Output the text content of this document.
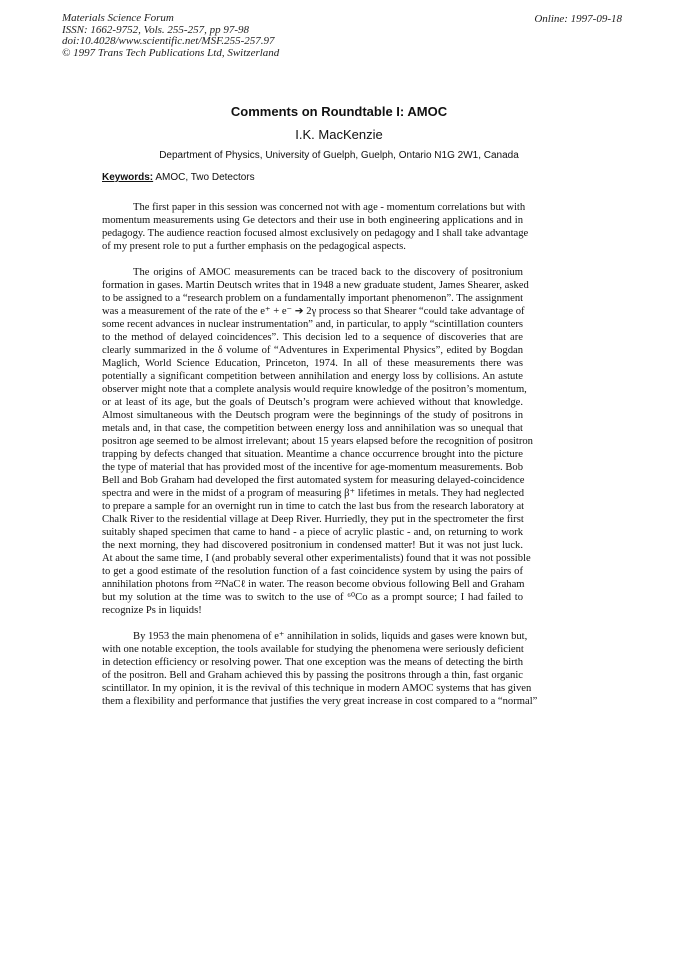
Materials Science Forum
ISSN: 1662-9752, Vols. 255-257, pp 97-98
doi:10.4028/www.scientific.net/MSF.255-257.97
© 1997 Trans Tech Publications Ltd, Switzerland
Online: 1997-09-18
Comments on Roundtable I: AMOC
I.K. MacKenzie
Department of Physics, University of Guelph, Guelph, Ontario N1G 2W1, Canada
Keywords: AMOC, Two Detectors
The first paper in this session was concerned not with age - momentum correlations but with
momentum measurements using Ge detectors and their use in both engineering applications and in
pedagogy. The audience reaction focused almost exclusively on pedagogy and I shall take advantage
of my present role to put a further emphasis on the pedagogical aspects.
The origins of AMOC measurements can be traced back to the discovery of positronium
formation in gases. Martin Deutsch writes that in 1948 a new graduate student, James Shearer, asked
to be assigned to a “research problem on a fundamentally important phenomenon”. The assignment
was a measurement of the rate of the e⁺ + e⁻ ➔ 2γ process so that Shearer “could take advantage of
some recent advances in nuclear instrumentation” and, in particular, to apply “scintillation counters
to the method of delayed coincidences”. This decision led to a sequence of discoveries that are
clearly summarized in the δ volume of “Adventures in Experimental Physics”, edited by Bogdan
Maglich, World Science Education, Princeton, 1974. In all of these measurements there was
potentially a significant competition between annihilation and energy loss by collisions. An astute
observer might note that a complete analysis would require knowledge of the positron’s momentum,
or at least of its age, but the goals of Deutsch’s program were achieved without that knowledge.
Almost simultaneous with the Deutsch program were the beginnings of the study of positrons in
metals and, in that case, the competition between energy loss and annihilation was so unequal that
positron age seemed to be almost irrelevant; about 15 years elapsed before the recognition of positron
trapping by defects changed that situation. Meantime a chance occurrence brought into the picture
the type of material that has provided most of the incentive for age-momentum measurements. Bob
Bell and Bob Graham had developed the first automated system for measuring delayed-coincidence
spectra and were in the midst of a program of measuring β⁺ lifetimes in metals. They had neglected
to prepare a sample for an overnight run in time to catch the last bus from the research laboratory at
Chalk River to the residential village at Deep River. Hurriedly, they put in the spectrometer the first
suitably shaped specimen that came to hand - a piece of acrylic plastic - and, on returning to work
the next morning, they had discovered positronium in condensed matter! But it was not just luck.
At about the same time, I (and probably several other experimentalists) found that it was not possible
to get a good estimate of the resolution function of a fast coincidence system by using the pairs of
annihilation photons from ²²NaCℓ in water. The reason become obvious following Bell and Graham
but my solution at the time was to switch to the use of ⁶⁰Co as a prompt source; I had failed to
recognize Ps in liquids!
By 1953 the main phenomena of e⁺ annihilation in solids, liquids and gases were known but,
with one notable exception, the tools available for studying the phenomena were seriously deficient
in detection efficiency or resolving power. That one exception was the means of detecting the birth
of the positron. Bell and Graham achieved this by passing the positrons through a thin, fast organic
scintillator. In my opinion, it is the revival of this technique in modern AMOC systems that has given
them a flexibility and performance that justifies the very great increase in cost compared to a “normal”
